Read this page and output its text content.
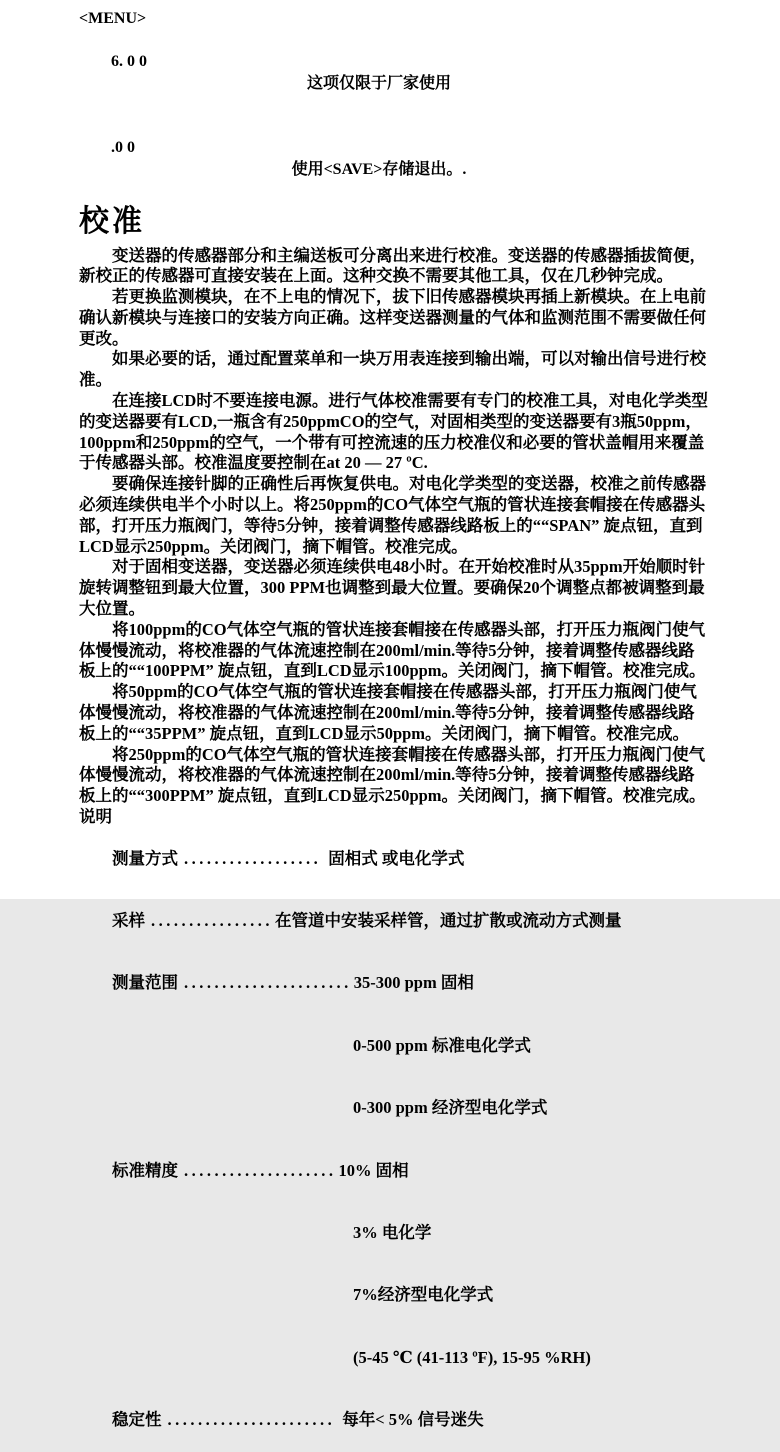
<MENU>

6. 0 0

这项仅限于厂家使用

.0 0

使用<SAVE>存储退出。.

校准
变送器的传感器部分和主编送板可分离出来进行校准。变送器的传感器插拔简便，
新校正的传感器可直接安装在上面。这种交换不需要其他工具，仅在几秒钟完成。
若更换监测模块，在不上电的情况下，拔下旧传感器模块再插上新模块。在上电前
确认新模块与连接口的安装方向正确。这样变送器测量的气体和监测范围不需要做任何
更改。
如果必要的话，通过配置菜单和一块万用表连接到输出端，可以对输出信号进行校
准。
在连接LCD时不要连接电源。进行气体校准需要有专门的校准工具，对电化学类型
的变送器要有LCD,一瓶含有250ppmCO的空气，对固相类型的变送器要有3瓶50ppm，
100ppm和250ppm的空气，一个带有可控流速的压力校准仪和必要的管状盖帽用来覆盖
于传感器头部。校准温度要控制在at 20 — 27 ºC.
要确保连接针脚的正确性后再恢复供电。对电化学类型的变送器，校准之前传感器
必须连续供电半个小时以上。将250ppm的CO气体空气瓶的管状连接套帽接在传感器头
部，打开压力瓶阀门，等待5分钟，接着调整传感器线路板上的““SPAN” 旋点钮，直到
LCD显示250ppm。关闭阀门，摘下帽管。校准完成。
对于固相变送器，变送器必须连续供电48小时。在开始校准时从35ppm开始顺时针
旋转调整钮到最大位置，300 PPM也调整到最大位置。要确保20个调整点都被调整到最
大位置。
将100ppm的CO气体空气瓶的管状连接套帽接在传感器头部，打开压力瓶阀门使气
体慢慢流动，将校准器的气体流速控制在200ml/min.等待5分钟，接着调整传感器线路
板上的““100PPM” 旋点钮，直到LCD显示100ppm。关闭阀门，摘下帽管。校准完成。
将50ppm的CO气体空气瓶的管状连接套帽接在传感器头部，打开压力瓶阀门使气
体慢慢流动，将校准器的气体流速控制在200ml/min.等待5分钟，接着调整传感器线路
板上的““35PPM” 旋点钮，直到LCD显示50ppm。关闭阀门，摘下帽管。校准完成。
将250ppm的CO气体空气瓶的管状连接套帽接在传感器头部，打开压力瓶阀门使气
体慢慢流动，将校准器的气体流速控制在200ml/min.等待5分钟，接着调整传感器线路
板上的““300PPM” 旋点钮，直到LCD显示250ppm。关闭阀门，摘下帽管。校准完成。
说明

测量方式 .................. 固相式 或电化学式

采样 ................ 在管道中安装采样管，通过扩散或流动方式测量

测量范围 ...................... 35-300 ppm 固相

0-500 ppm 标准电化学式

0-300 ppm 经济型电化学式

标准精度 .................... 10% 固相

3% 电化学

7%经济型电化学式

(5-45 ℃ (41-113 ºF), 15-95 %RH)

稳定性 ...................... 每年< 5% 信号迷失
